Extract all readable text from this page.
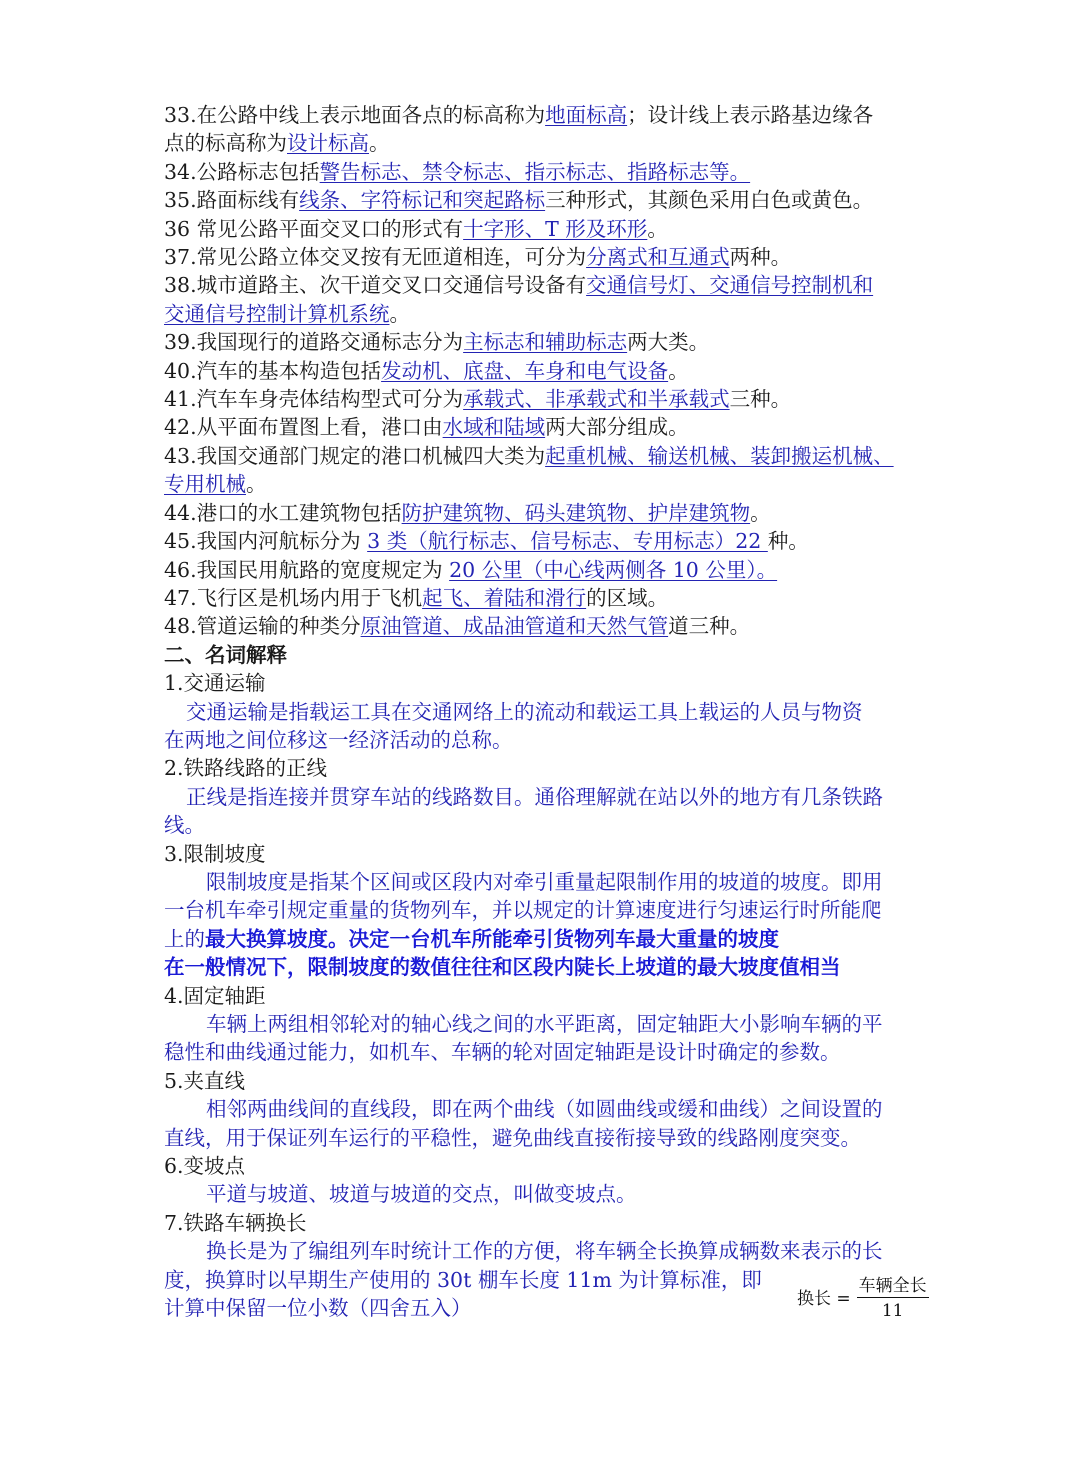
33.在公路中线上表示地面各点的标高称为地面标高；设计线上表示路基边缘各
点的标高称为设计标高。
34.公路标志包括警告标志、禁令标志、指示标志、指路标志等。
35.路面标线有线条、字符标记和突起路标三种形式，其颜色采用白色或黄色。
36 常见公路平面交叉口的形式有十字形、T 形及环形。
37.常见公路立体交叉按有无匝道相连，可分为分离式和互通式两种。
38.城市道路主、次干道交叉口交通信号设备有交通信号灯、交通信号控制机和
交通信号控制计算机系统。
39.我国现行的道路交通标志分为主标志和辅助标志两大类。
40.汽车的基本构造包括发动机、底盘、车身和电气设备。
41.汽车车身壳体结构型式可分为承载式、非承载式和半承载式三种。
42.从平面布置图上看，港口由水域和陆域两大部分组成。
43.我国交通部门规定的港口机械四大类为起重机械、输送机械、装卸搬运机械、
专用机械。
44.港口的水工建筑物包括防护建筑物、码头建筑物、护岸建筑物。
45.我国内河航标分为 3 类（航行标志、信号标志、专用标志）22 种。
46.我国民用航路的宽度规定为 20 公里（中心线两侧各 10 公里）。
47.飞行区是机场内用于飞机起飞、着陆和滑行的区域。
48.管道运输的种类分原油管道、成品油管道和天然气管道三种。
二、名词解释
1.交通运输
交通运输是指载运工具在交通网络上的流动和载运工具上载运的人员与物资
在两地之间位移这一经济活动的总称。
2.铁路线路的正线
正线是指连接并贯穿车站的线路数目。通俗理解就在站以外的地方有几条铁路
线。
3.限制坡度
限制坡度是指某个区间或区段内对牵引重量起限制作用的坡道的坡度。即用
一台机车牵引规定重量的货物列车，并以规定的计算速度进行匀速运行时所能爬
上的最大换算坡度。决定一台机车所能牵引货物列车最大重量的坡度
在一般情况下，限制坡度的数值往往和区段内陡长上坡道的最大坡度值相当
4.固定轴距
车辆上两组相邻轮对的轴心线之间的水平距离，固定轴距大小影响车辆的平
稳性和曲线通过能力，如机车、车辆的轮对固定轴距是设计时确定的参数。
5.夹直线
相邻两曲线间的直线段，即在两个曲线（如圆曲线或缓和曲线）之间设置的
直线，用于保证列车运行的平稳性，避免曲线直接衔接导致的线路刚度突变。
6.变坡点
平道与坡道、坡道与坡道的交点，叫做变坡点。
7.铁路车辆换长
换长是为了编组列车时统计工作的方便，将车辆全长换算成辆数来表示的长
度，换算时以早期生产使用的 30t 棚车长度 11m 为计算标准，即
计算中保留一位小数（四舍五入）	换长 = $\frac{\text{车辆全长}}{11}$
